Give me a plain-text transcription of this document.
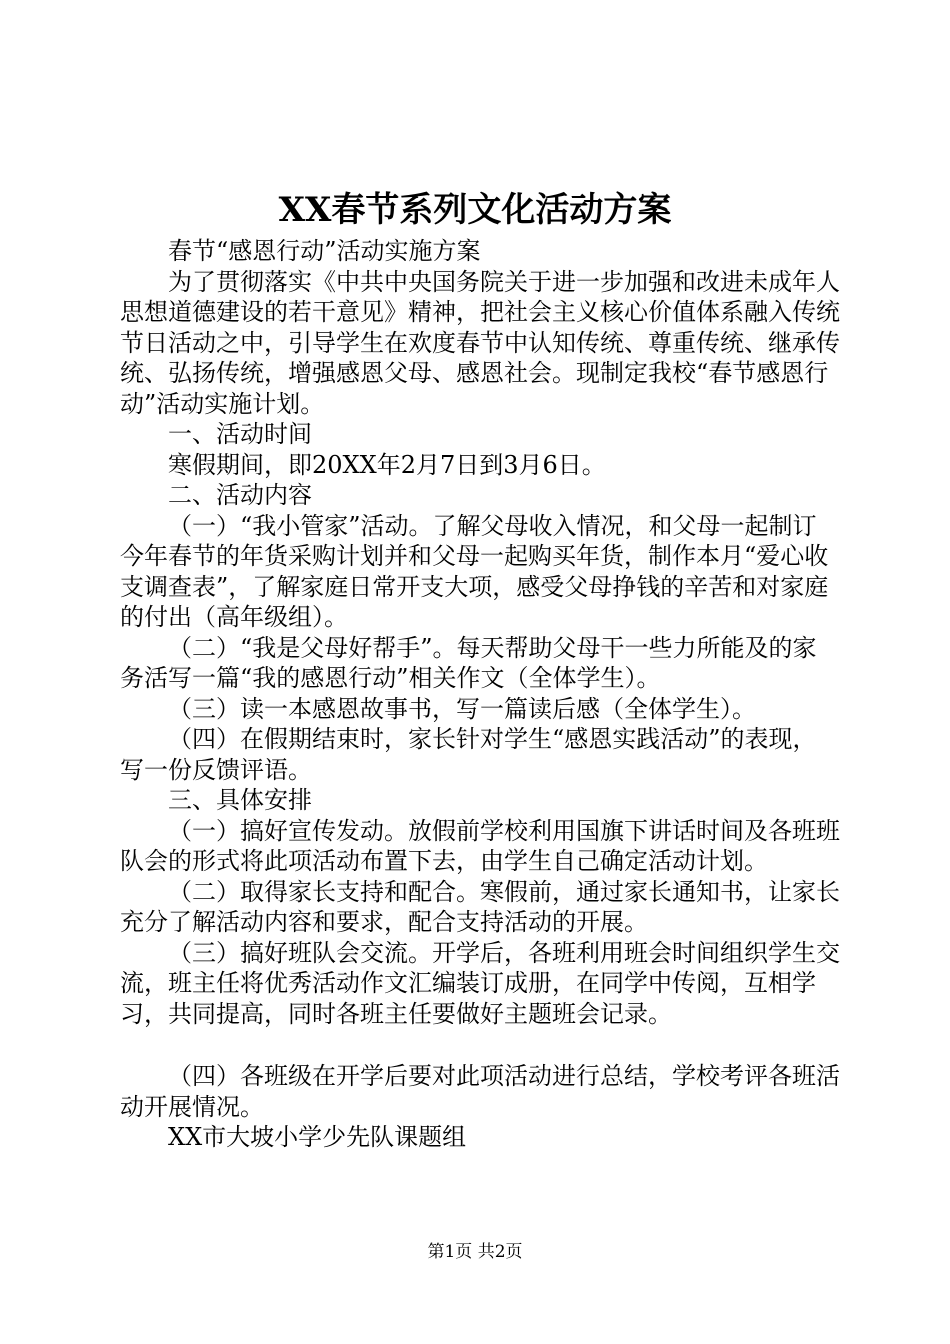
XX春节系列文化活动方案

春节“感恩行动”活动实施方案

为了贯彻落实《中共中央国务院关于进一步加强和改进未成年人思想道德建设的若干意见》精神，把社会主义核心价值体系融入传统节日活动之中，引导学生在欢度春节中认知传统、尊重传统、继承传统、弘扬传统，增强感恩父母、感恩社会。现制定我校“春节感恩行动”活动实施计划。

一、活动时间

寒假期间，即20XX年2月7日到3月6日。

二、活动内容

（一）“我小管家”活动。了解父母收入情况，和父母一起制订今年春节的年货采购计划并和父母一起购买年货，制作本月“爱心收支调查表”，了解家庭日常开支大项，感受父母挣钱的辛苦和对家庭的付出（高年级组）。

（二）“我是父母好帮手”。每天帮助父母干一些力所能及的家务活写一篇“我的感恩行动”相关作文（全体学生）。

（三）读一本感恩故事书，写一篇读后感（全体学生）。

（四）在假期结束时，家长针对学生“感恩实践活动”的表现，写一份反馈评语。

三、具体安排

（一）搞好宣传发动。放假前学校利用国旗下讲话时间及各班班队会的形式将此项活动布置下去，由学生自己确定活动计划。

（二）取得家长支持和配合。寒假前，通过家长通知书，让家长充分了解活动内容和要求，配合支持活动的开展。

（三）搞好班队会交流。开学后，各班利用班会时间组织学生交流，班主任将优秀活动作文汇编装订成册，在同学中传阅，互相学习，共同提高，同时各班主任要做好主题班会记录。

（四）各班级在开学后要对此项活动进行总结，学校考评各班活动开展情况。

XX市大坡小学少先队课题组

第1页 共2页
